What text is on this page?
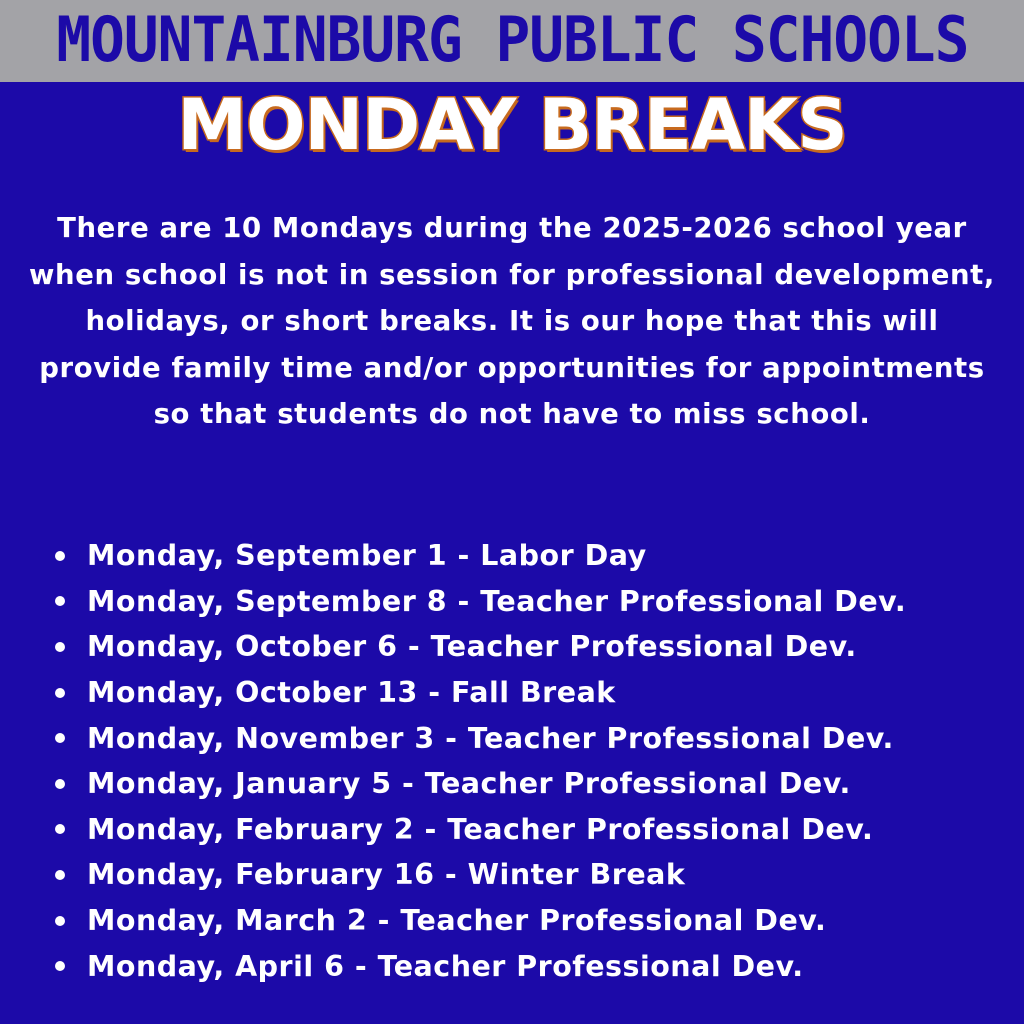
MOUNTAINBURG PUBLIC SCHOOLS
MONDAY BREAKS

There are 10 Mondays during the 2025-2026 school year when school is not in session for professional development, holidays, or short breaks. It is our hope that this will provide family time and/or opportunities for appointments so that students do not have to miss school.

Monday, September 1 - Labor Day
Monday, September 8 - Teacher Professional Dev.
Monday, October 6 - Teacher Professional Dev.
Monday, October 13 - Fall Break
Monday, November 3 - Teacher Professional Dev.
Monday, January 5 - Teacher Professional Dev.
Monday, February 2 - Teacher Professional Dev.
Monday, February 16 - Winter Break
Monday, March 2 - Teacher Professional Dev.
Monday, April 6 - Teacher Professional Dev.
